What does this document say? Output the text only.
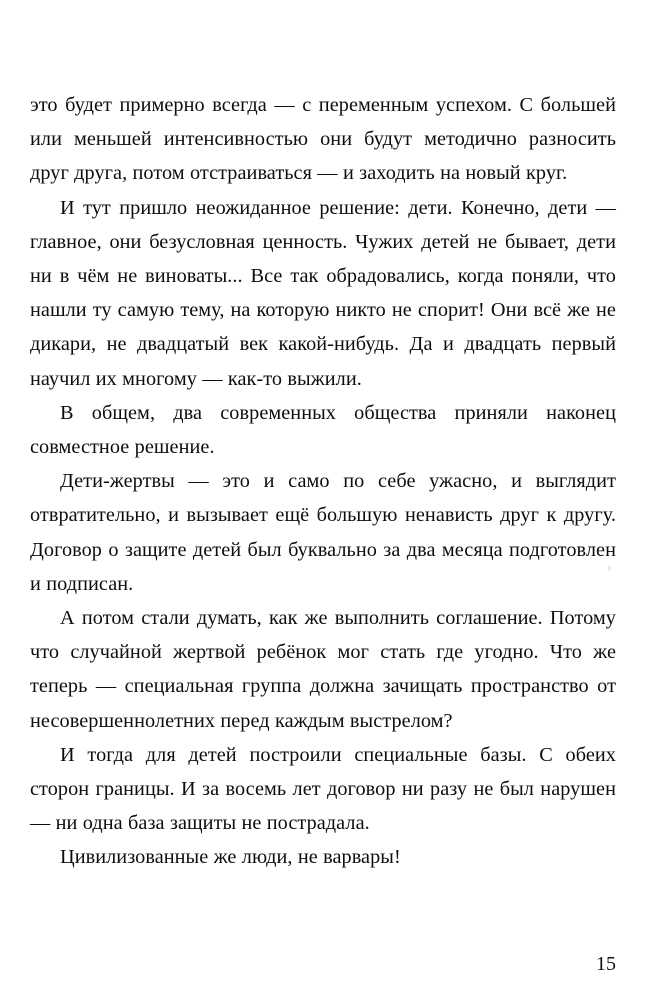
это будет примерно всегда — с переменным успехом. С большей или меньшей интенсивностью они будут методично разносить друг друга, потом отстраиваться — и заходить на новый круг.

И тут пришло неожиданное решение: дети. Конечно, дети — главное, они безусловная ценность. Чужих детей не бывает, дети ни в чём не виноваты... Все так обрадовались, когда поняли, что нашли ту самую тему, на которую никто не спорит! Они всё же не дикари, не двадцатый век какой-нибудь. Да и двадцать первый научил их многому — как-то выжили.

В общем, два современных общества приняли наконец совместное решение.

Дети-жертвы — это и само по себе ужасно, и выглядит отвратительно, и вызывает ещё большую ненависть друг к другу. Договор о защите детей был буквально за два месяца подготовлен и подписан.

А потом стали думать, как же выполнить соглашение. Потому что случайной жертвой ребёнок мог стать где угодно. Что же теперь — специальная группа должна зачищать пространство от несовершеннолетних перед каждым выстрелом?

И тогда для детей построили специальные базы. С обеих сторон границы. И за восемь лет договор ни разу не был нарушен — ни одна база защиты не пострадала.

Цивилизованные же люди, не варвары!

15
